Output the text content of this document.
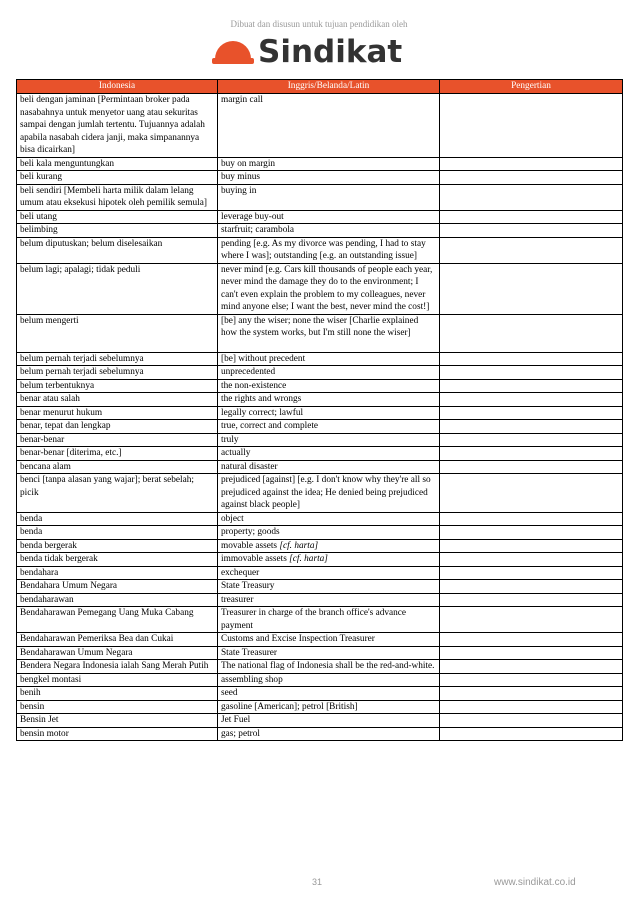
Dibuat dan disusun untuk tujuan pendidikan oleh
Sindikat
Indonesia	Inggris/Belanda/Latin	Pengertian
beli dengan jaminan [Permintaan broker pada nasabahnya untuk menyetor uang atau sekuritas sampai dengan jumlah tertentu. Tujuannya adalah apabila nasabah cidera janji, maka simpanannya bisa dicairkan]	margin call	
beli kala menguntungkan	buy on margin	
beli kurang	buy minus	
beli sendiri [Membeli harta milik dalam lelang umum atau eksekusi hipotek oleh pemilik semula]	buying in	
beli utang	leverage buy-out	
belimbing	starfruit; carambola	
belum diputuskan; belum diselesaikan	pending [e.g. As my divorce was pending, I had to stay where I was]; outstanding [e.g. an outstanding issue]	
belum lagi; apalagi; tidak peduli	never mind [e.g. Cars kill thousands of people each year, never mind the damage they do to the environment; I can't even explain the problem to my colleagues, never mind anyone else; I want the best, never mind the cost!]	
belum mengerti	[be] any the wiser; none the wiser [Charlie explained how the system works, but I'm still none the wiser]	
belum pernah terjadi sebelumnya	[be] without precedent	
belum pernah terjadi sebelumnya	unprecedented	
belum terbentuknya	the non-existence	
benar atau salah	the rights and wrongs	
benar menurut hukum	legally correct; lawful	
benar, tepat dan lengkap	true, correct and complete	
benar-benar	truly	
benar-benar [diterima, etc.]	actually	
bencana alam	natural disaster	
benci [tanpa alasan yang wajar]; berat sebelah; picik	prejudiced [against] [e.g. I don't know why they're all so prejudiced against the idea; He denied being prejudiced against black people]	
benda	object	
benda	property; goods	
benda bergerak	movable assets [cf. harta]	
benda tidak bergerak	immovable assets [cf. harta]	
bendahara	exchequer	
Bendahara Umum Negara	State Treasury	
bendaharawan	treasurer	
Bendaharawan Pemegang Uang Muka Cabang	Treasurer in charge of the branch office's advance payment	
Bendaharawan Pemeriksa Bea dan Cukai	Customs and Excise Inspection Treasurer	
Bendaharawan Umum Negara	State Treasurer	
Bendera Negara Indonesia ialah Sang Merah Putih	The national flag of Indonesia shall be the red-and-white.	
bengkel montasi	assembling shop	
benih	seed	
bensin	gasoline [American]; petrol [British]	
Bensin Jet	Jet Fuel	
bensin motor	gas; petrol	
31	www.sindikat.co.id
